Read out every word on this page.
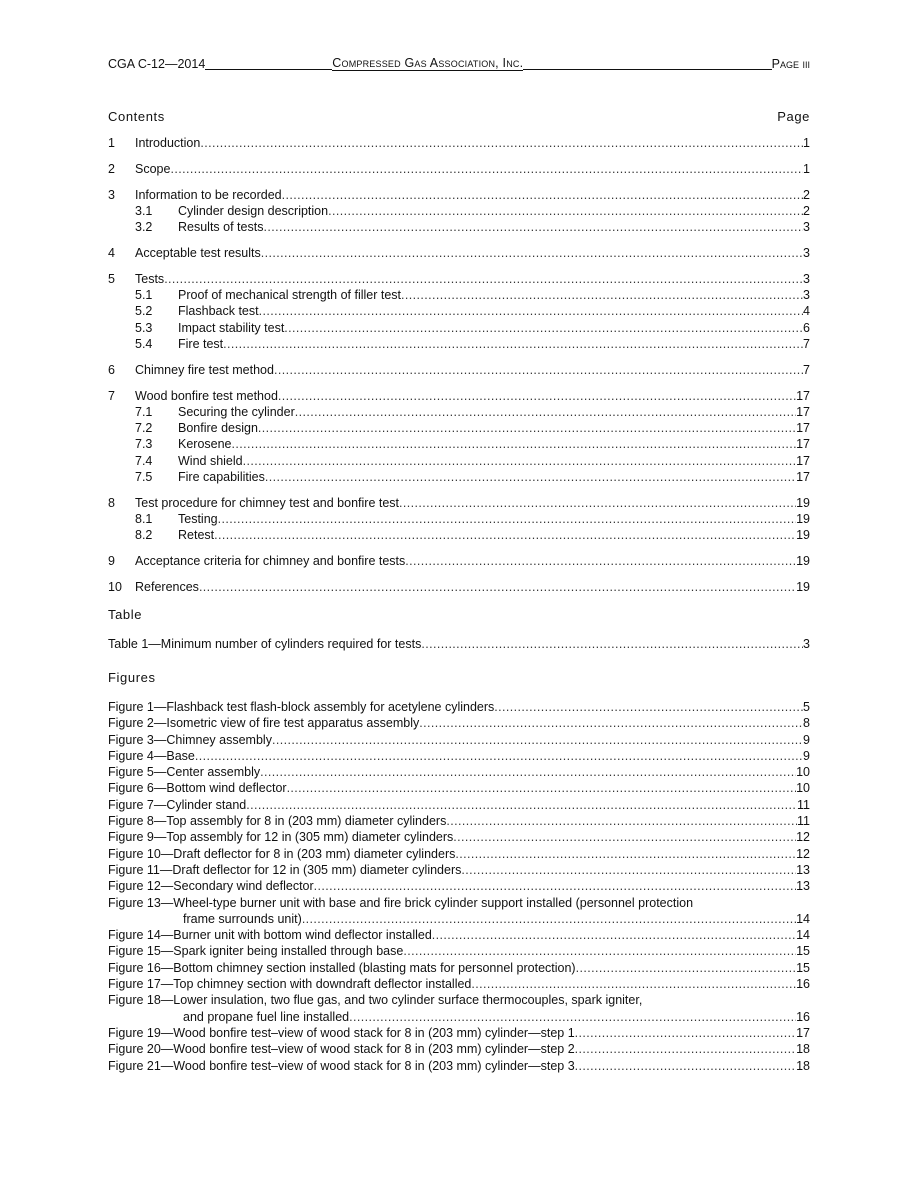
CGA C-12—2014	Compressed Gas Association, Inc.	Page iii
Contents	Page
1	Introduction .....	1
2	Scope .....	1
3	Information to be recorded .....	2
3.1	Cylinder design description .....	2
3.2	Results of tests .....	3
4	Acceptable test results .....	3
5	Tests .....	3
5.1	Proof of mechanical strength of filler test .....	3
5.2	Flashback test .....	4
5.3	Impact stability test .....	6
5.4	Fire test .....	7
6	Chimney fire test method .....	7
7	Wood bonfire test method .....	17
7.1	Securing the cylinder .....	17
7.2	Bonfire design .....	17
7.3	Kerosene .....	17
7.4	Wind shield .....	17
7.5	Fire capabilities .....	17
8	Test procedure for chimney test and bonfire test .....	19
8.1	Testing .....	19
8.2	Retest .....	19
9	Acceptance criteria for chimney and bonfire tests .....	19
10	References .....	19
Table
Table 1—Minimum number of cylinders required for tests .....	3
Figures
Figure 1—Flashback test flash-block assembly for acetylene cylinders .....	5
Figure 2—Isometric view of fire test apparatus assembly .....	8
Figure 3—Chimney assembly .....	9
Figure 4—Base .....	9
Figure 5—Center assembly .....	10
Figure 6—Bottom wind deflector .....	10
Figure 7—Cylinder stand .....	11
Figure 8—Top assembly for 8 in (203 mm) diameter cylinders .....	11
Figure 9—Top assembly for 12 in (305 mm) diameter cylinders .....	12
Figure 10—Draft deflector for 8 in (203 mm) diameter cylinders .....	12
Figure 11—Draft deflector for 12 in (305 mm) diameter cylinders .....	13
Figure 12—Secondary wind deflector .....	13
Figure 13—Wheel-type burner unit with base and fire brick cylinder support installed (personnel protection
frame surrounds unit) .....	14
Figure 14—Burner unit with bottom wind deflector installed .....	14
Figure 15—Spark igniter being installed through base .....	15
Figure 16—Bottom chimney section installed (blasting mats for personnel protection) .....	15
Figure 17—Top chimney section with downdraft deflector installed .....	16
Figure 18—Lower insulation, two flue gas, and two cylinder surface thermocouples, spark igniter,
and propane fuel line installed .....	16
Figure 19—Wood bonfire test–view of wood stack for 8 in (203 mm) cylinder—step 1 .....	17
Figure 20—Wood bonfire test–view of wood stack for 8 in (203 mm) cylinder—step 2 .....	18
Figure 21—Wood bonfire test–view of wood stack for 8 in (203 mm) cylinder—step 3 .....	18
